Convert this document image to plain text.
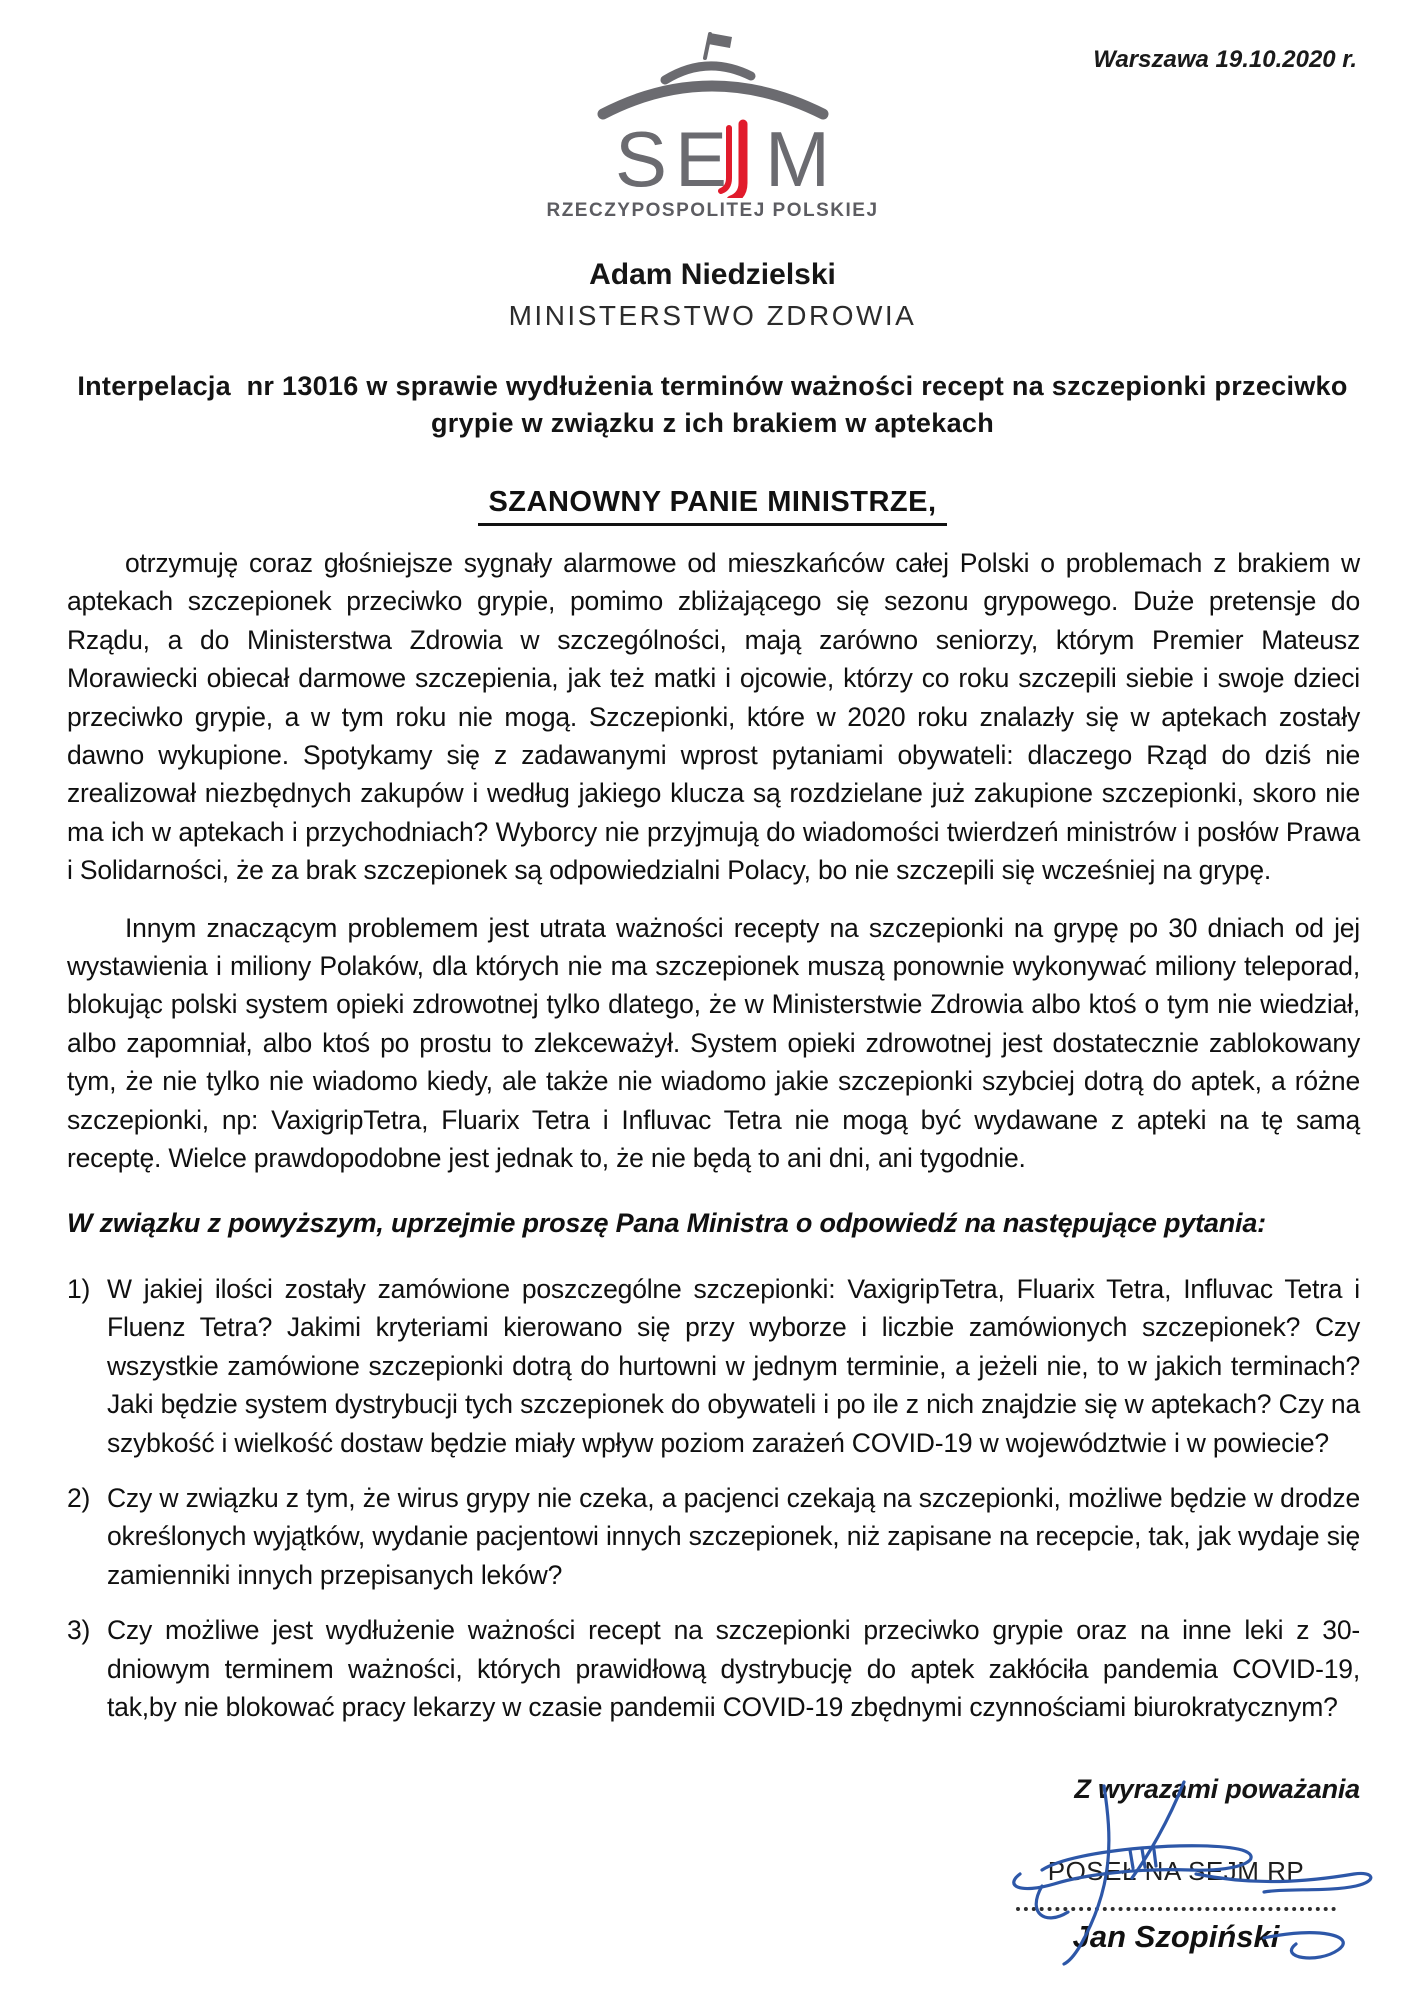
Warszawa 19.10.2020 r.
S E M
RZECZYPOSPOLITEJ POLSKIEJ
Adam Niedzielski
MINISTERSTWO ZDROWIA
Interpelacja  nr 13016 w sprawie wydłużenia terminów ważności recept na szczepionki przeciwko grypie w związku z ich brakiem w aptekach
SZANOWNY PANIE MINISTRZE,

otrzymuję coraz głośniejsze sygnały alarmowe od mieszkańców całej Polski o problemach z brakiem w aptekach szczepionek przeciwko grypie, pomimo zbliżającego się sezonu grypowego. Duże pretensje do Rządu, a do Ministerstwa Zdrowia w szczególności, mają zarówno seniorzy, którym Premier Mateusz Morawiecki obiecał darmowe szczepienia, jak też matki i ojcowie, którzy co roku szczepili siebie i swoje dzieci przeciwko grypie, a w tym roku nie mogą. Szczepionki, które w 2020 roku znalazły się w aptekach zostały dawno wykupione. Spotykamy się z zadawanymi wprost pytaniami obywateli: dlaczego Rząd do dziś nie zrealizował niezbędnych zakupów i według jakiego klucza są rozdzielane już zakupione szczepionki, skoro nie ma ich w aptekach i przychodniach? Wyborcy nie przyjmują do wiadomości twierdzeń ministrów i posłów Prawa i Solidarności, że za brak szczepionek są odpowiedzialni Polacy, bo nie szczepili się wcześniej na grypę.

Innym znaczącym problemem jest utrata ważności recepty na szczepionki na grypę po 30 dniach od jej wystawienia i miliony Polaków, dla których nie ma szczepionek muszą ponownie wykonywać miliony teleporad, blokując polski system opieki zdrowotnej tylko dlatego, że w Ministerstwie Zdrowia albo ktoś o tym nie wiedział, albo zapomniał, albo ktoś po prostu to zlekceważył. System opieki zdrowotnej jest dostatecznie zablokowany tym, że nie tylko nie wiadomo kiedy, ale także nie wiadomo jakie szczepionki szybciej dotrą do aptek, a różne szczepionki, np: VaxigripTetra, Fluarix Tetra i Influvac Tetra nie mogą być wydawane z apteki na tę samą receptę. Wielce prawdopodobne jest jednak to, że nie będą to ani dni, ani tygodnie.

W związku z powyższym, uprzejmie proszę Pana Ministra o odpowiedź na następujące pytania:

1) W jakiej ilości zostały zamówione poszczególne szczepionki: VaxigripTetra, Fluarix Tetra, Influvac Tetra i Fluenz Tetra? Jakimi kryteriami kierowano się przy wyborze i liczbie zamówionych szczepionek? Czy wszystkie zamówione szczepionki dotrą do hurtowni w jednym terminie, a jeżeli nie, to w jakich terminach? Jaki będzie system dystrybucji tych szczepionek do obywateli i po ile z nich znajdzie się w aptekach? Czy na szybkość i wielkość dostaw będzie miały wpływ poziom zarażeń COVID-19 w województwie i w powiecie?
2) Czy w związku z tym, że wirus grypy nie czeka, a pacjenci czekają na szczepionki, możliwe będzie w drodze określonych wyjątków, wydanie pacjentowi innych szczepionek, niż zapisane na recepcie, tak, jak wydaje się zamienniki innych przepisanych leków?
3) Czy możliwe jest wydłużenie ważności recept na szczepionki przeciwko grypie oraz na inne leki z 30-dniowym terminem ważności, których prawidłową dystrybucję do aptek zakłóciła pandemia COVID-19, tak,by nie blokować pracy lekarzy w czasie pandemii COVID-19 zbędnymi czynnościami biurokratycznym?
Z wyrazami poważania
POSEŁ NA SEJM RP
Jan Szopiński
